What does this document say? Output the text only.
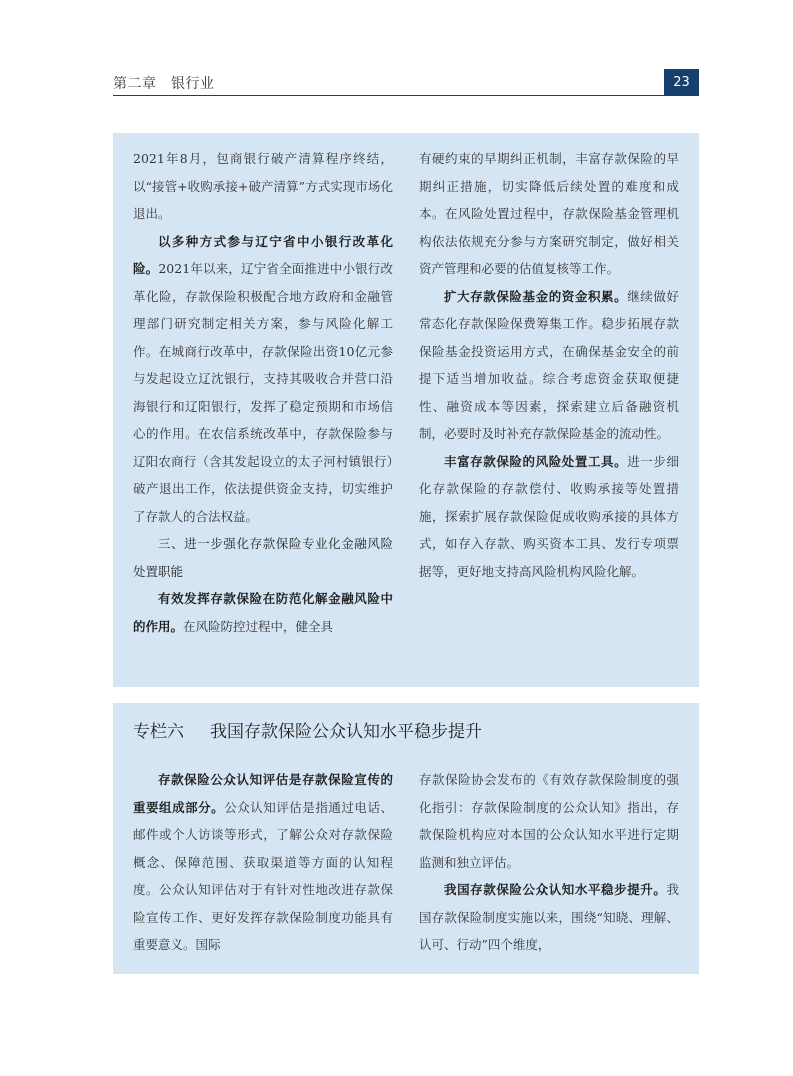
第二章　银行业	23

2021年8月，包商银行破产清算程序终结，以“接管+收购承接+破产清算”方式实现市场化退出。

以多种方式参与辽宁省中小银行改革化险。2021年以来，辽宁省全面推进中小银行改革化险，存款保险积极配合地方政府和金融管理部门研究制定相关方案，参与风险化解工作。在城商行改革中，存款保险出资10亿元参与发起设立辽沈银行，支持其吸收合并营口沿海银行和辽阳银行，发挥了稳定预期和市场信心的作用。在农信系统改革中，存款保险参与辽阳农商行（含其发起设立的太子河村镇银行）破产退出工作，依法提供资金支持，切实维护了存款人的合法权益。

三、进一步强化存款保险专业化金融风险处置职能

有效发挥存款保险在防范化解金融风险中的作用。在风险防控过程中，健全具

有硬约束的早期纠正机制，丰富存款保险的早期纠正措施，切实降低后续处置的难度和成本。在风险处置过程中，存款保险基金管理机构依法依规充分参与方案研究制定，做好相关资产管理和必要的估值复核等工作。

扩大存款保险基金的资金积累。继续做好常态化存款保险保费筹集工作。稳步拓展存款保险基金投资运用方式，在确保基金安全的前提下适当增加收益。综合考虑资金获取便捷性、融资成本等因素，探索建立后备融资机制，必要时及时补充存款保险基金的流动性。

丰富存款保险的风险处置工具。进一步细化存款保险的存款偿付、收购承接等处置措施，探索扩展存款保险促成收购承接的具体方式，如存入存款、购买资本工具、发行专项票据等，更好地支持高风险机构风险化解。

专栏六 我国存款保险公众认知水平稳步提升

存款保险公众认知评估是存款保险宣传的重要组成部分。公众认知评估是指通过电话、邮件或个人访谈等形式，了解公众对存款保险概念、保障范围、获取渠道等方面的认知程度。公众认知评估对于有针对性地改进存款保险宣传工作、更好发挥存款保险制度功能具有重要意义。国际

存款保险协会发布的《有效存款保险制度的强化指引：存款保险制度的公众认知》指出，存款保险机构应对本国的公众认知水平进行定期监测和独立评估。

我国存款保险公众认知水平稳步提升。我国存款保险制度实施以来，围绕“知晓、理解、认可、行动”四个维度，
